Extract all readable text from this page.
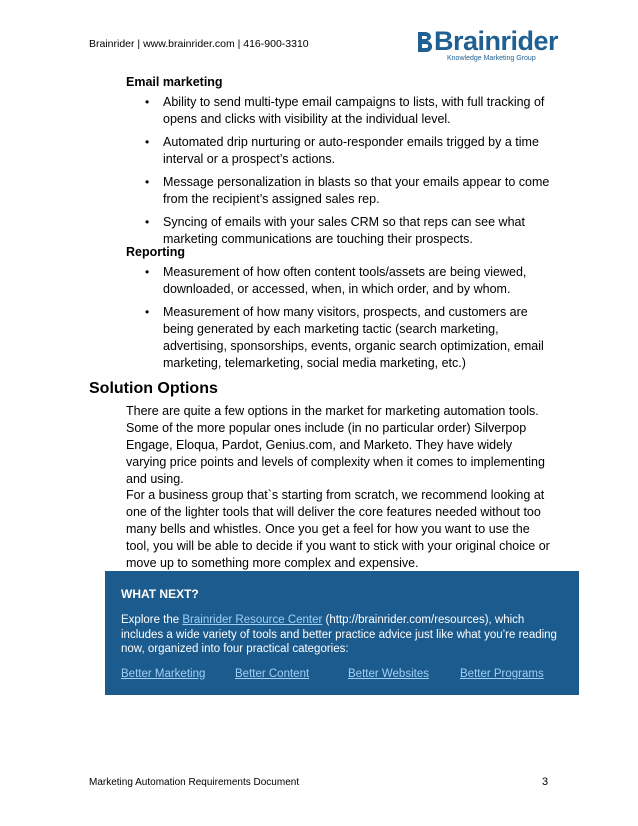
Brainrider | www.brainrider.com | 416-900-3310	Brainrider
Knowledge Marketing Group
Email marketing
• Ability to send multi-type email campaigns to lists, with full tracking of opens and clicks with visibility at the individual level.
• Automated drip nurturing or auto-responder emails trigged by a time interval or a prospect’s actions.
• Message personalization in blasts so that your emails appear to come from the recipient’s assigned sales rep.
• Syncing of emails with your sales CRM so that reps can see what marketing communications are touching their prospects.
Reporting
• Measurement of how often content tools/assets are being viewed, downloaded, or accessed, when, in which order, and by whom.
• Measurement of how many visitors, prospects, and customers are being generated by each marketing tactic (search marketing, advertising, sponsorships, events, organic search optimization, email marketing, telemarketing, social media marketing, etc.)
Solution Options
There are quite a few options in the market for marketing automation tools. Some of the more popular ones include (in no particular order) Silverpop Engage, Eloqua, Pardot, Genius.com, and Marketo. They have widely varying price points and levels of complexity when it comes to implementing and using.
For a business group that`s starting from scratch, we recommend looking at one of the lighter tools that will deliver the core features needed without too many bells and whistles. Once you get a feel for how you want to use the tool, you will be able to decide if you want to stick with your original choice or move up to something more complex and expensive.
WHAT NEXT?
Explore the Brainrider Resource Center (http://brainrider.com/resources), which includes a wide variety of tools and better practice advice just like what you’re reading now, organized into four practical categories:
Better Marketing	Better Content	Better Websites	Better Programs
Marketing Automation Requirements Document	3
